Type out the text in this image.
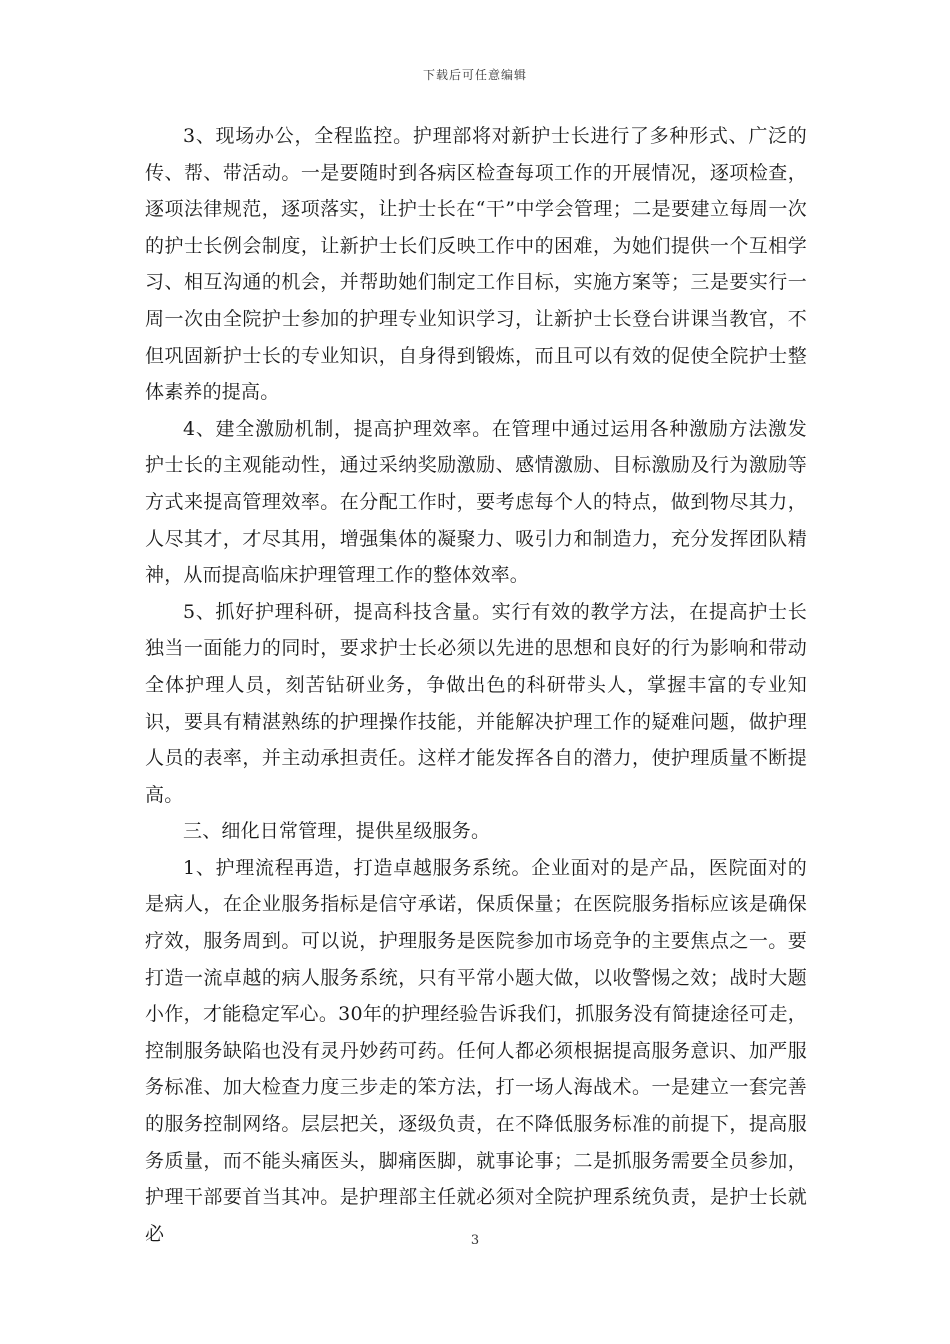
下载后可任意编辑

3、现场办公，全程监控。护理部将对新护士长进行了多种形式、广泛的传、帮、带活动。一是要随时到各病区检查每项工作的开展情况，逐项检查，逐项法律规范，逐项落实，让护士长在“干”中学会管理；二是要建立每周一次的护士长例会制度，让新护士长们反映工作中的困难，为她们提供一个互相学习、相互沟通的机会，并帮助她们制定工作目标，实施方案等；三是要实行一周一次由全院护士参加的护理专业知识学习，让新护士长登台讲课当教官，不但巩固新护士长的专业知识，自身得到锻炼，而且可以有效的促使全院护士整体素养的提高。

4、建全激励机制，提高护理效率。在管理中通过运用各种激励方法激发护士长的主观能动性，通过采纳奖励激励、感情激励、目标激励及行为激励等方式来提高管理效率。在分配工作时，要考虑每个人的特点，做到物尽其力，人尽其才，才尽其用，增强集体的凝聚力、吸引力和制造力，充分发挥团队精神，从而提高临床护理管理工作的整体效率。

5、抓好护理科研，提高科技含量。实行有效的教学方法，在提高护士长独当一面能力的同时，要求护士长必须以先进的思想和良好的行为影响和带动全体护理人员，刻苦钻研业务，争做出色的科研带头人，掌握丰富的专业知识，要具有精湛熟练的护理操作技能，并能解决护理工作的疑难问题，做护理人员的表率，并主动承担责任。这样才能发挥各自的潜力，使护理质量不断提高。

三、细化日常管理，提供星级服务。

1、护理流程再造，打造卓越服务系统。企业面对的是产品，医院面对的是病人，在企业服务指标是信守承诺，保质保量；在医院服务指标应该是确保疗效，服务周到。可以说，护理服务是医院参加市场竞争的主要焦点之一。要打造一流卓越的病人服务系统，只有平常小题大做，以收警惕之效；战时大题小作，才能稳定军心。30年的护理经验告诉我们，抓服务没有简捷途径可走，控制服务缺陷也没有灵丹妙药可药。任何人都必须根据提高服务意识、加严服务标准、加大检查力度三步走的笨方法，打一场人海战术。一是建立一套完善的服务控制网络。层层把关，逐级负责，在不降低服务标准的前提下，提高服务质量，而不能头痛医头，脚痛医脚，就事论事；二是抓服务需要全员参加，护理干部要首当其冲。是护理部主任就必须对全院护理系统负责，是护士长就必	3
